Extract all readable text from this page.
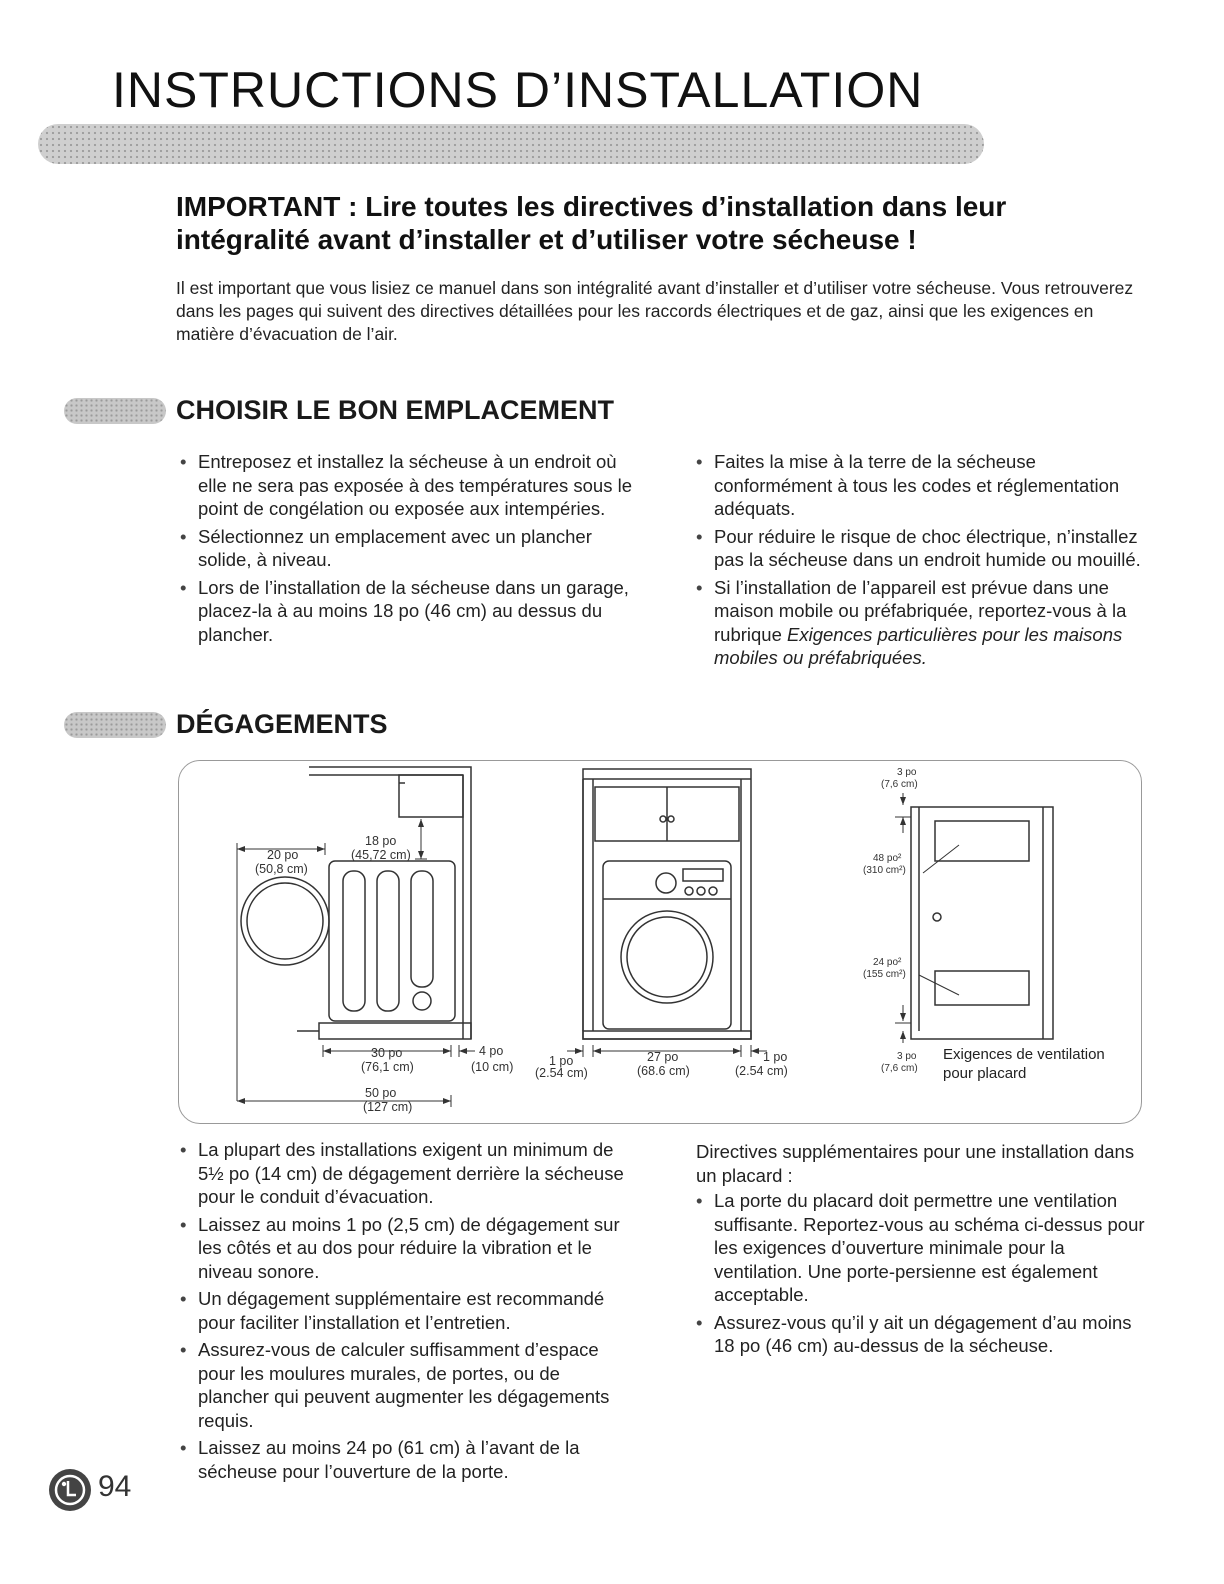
INSTRUCTIONS D’INSTALLATION
IMPORTANT : Lire toutes les directives d’installation dans leur intégralité avant d’installer et d’utiliser votre sécheuse !

Il est important que vous lisiez ce manuel dans son intégralité avant d’installer et d’utiliser votre sécheuse. Vous retrouverez dans les pages qui suivent des directives détaillées pour les raccords électriques et de gaz, ainsi que les exigences en matière d’évacuation de l’air.

CHOISIR LE BON EMPLACEMENT
• Entreposez et installez la sécheuse à un endroit où elle ne sera pas exposée à des températures sous le point de congélation ou exposée aux intempéries.
• Sélectionnez un emplacement avec un plancher solide, à niveau.
• Lors de l’installation de la sécheuse dans un garage, placez-la à au moins 18 po (46 cm) au dessus du plancher.
• Faites la mise à la terre de la sécheuse conformément à tous les codes et réglementation adéquats.
• Pour réduire le risque de choc électrique, n’installez pas la sécheuse dans un endroit humide ou mouillé.
• Si l’installation de l’appareil est prévue dans une maison mobile ou préfabriquée, reportez-vous à la rubrique Exigences particulières pour les maisons mobiles ou préfabriquées.
DÉGAGEMENTS
18 po
(45,72 cm)
20 po
(50,8 cm)
30 po
(76,1 cm)
4 po
(10 cm)
50 po
(127 cm)
1 po
(2.54 cm)
27 po
(68.6 cm)
1 po
(2.54 cm)
3 po
(7,6 cm)
48 po²
(310 cm²)
24 po²
(155 cm²)
3 po
(7,6 cm)
Exigences de ventilation
pour placard
• La plupart des installations exigent un minimum de 5½ po (14 cm) de dégagement derrière la sécheuse pour le conduit d’évacuation.
• Laissez au moins 1 po (2,5 cm) de dégagement sur les côtés et au dos pour réduire la vibration et le niveau sonore.
• Un dégagement supplémentaire est recommandé pour faciliter l’installation et l’entretien.
• Assurez-vous de calculer suffisamment d’espace pour les moulures murales, de portes, ou de plancher qui peuvent augmenter les dégagements requis.
• Laissez au moins 24 po (61 cm) à l’avant de la sécheuse pour l’ouverture de la porte.

Directives supplémentaires pour une installation dans un placard :

• La porte du placard doit permettre une ventilation suffisante. Reportez-vous au schéma ci-dessus pour les exigences d’ouverture minimale pour la ventilation. Une porte-persienne est également acceptable.
• Assurez-vous qu’il y ait un dégagement d’au moins 18 po (46 cm) au-dessus de la sécheuse.
94
